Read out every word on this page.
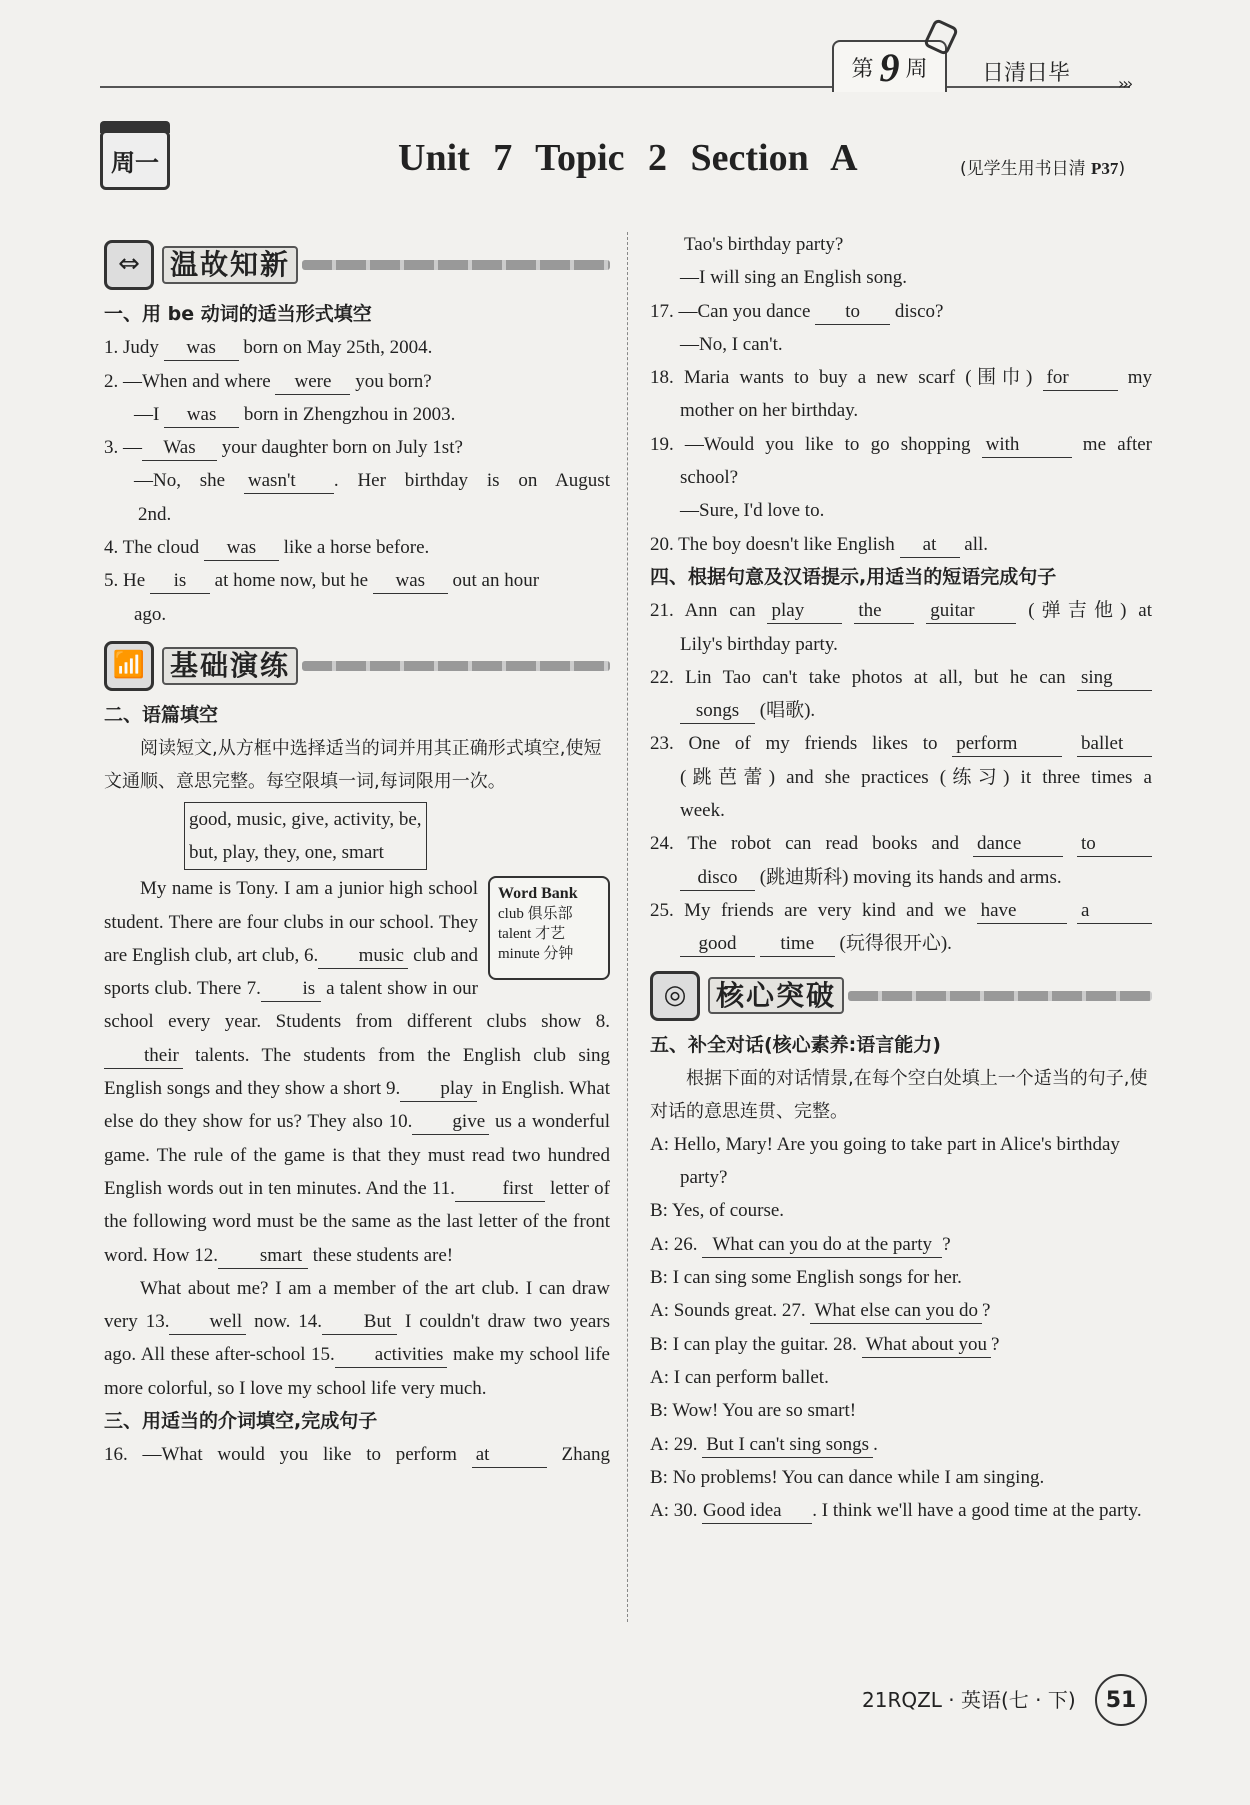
第 9 周 日清日毕	›››
周一	Unit 7 Topic 2 Section A	(见学生用书日清 P37)
⇔	温故知新

一、用 be 动词的适当形式填空

1. Judy was born on May 25th, 2004.

2. —When and where were you born?

—I was born in Zhengzhou in 2003.

3. — Was your daughter born on July 1st?

—No, she wasn't . Her birthday is on August

2nd.

4. The cloud was like a horse before.

5. He is at home now, but he was out an hour

ago.

📶 基础演练

二、语篇填空

阅读短文,从方框中选择适当的词并用其正确形式填空,使短文通顺、意思完整。每空限填一词,每词限用一次。

good, music, give, activity, be,
but, play, they, one, smart
Word Bank
club 俱乐部
talent 才艺
minute 分钟

My name is Tony. I am a junior high school student. There are four clubs in our school. They are English club, art club, 6. music club and sports club. There 7. is a talent show in our school every year. Students from different clubs show 8.their talents. The students from the English club sing English songs and they show a short 9. play in English. What else do they show for us? They also 10. give us a wonderful game. The rule of the game is that they must read two hundred English words out in ten minutes. And the 11.	first letter of the following word must be the same as the last letter of the front word. How 12. smart these students are!

What about me? I am a member of the art club. I can draw very 13. well now. 14. But I couldn't draw two years ago. All these after-school 15. activities make my school life more colorful, so I love my school life very much.

三、用适当的介词填空,完成句子

16. —What would you like to perform at	Zhang

Tao's birthday party?

—I will sing an English song.

17. —Can you dance to disco?

—No, I can't.

18. Maria wants to buy a new scarf (围巾) for	my

mother on her birthday.

19. —Would you like to go shopping with	me after

school?

—Sure, I'd love to.

20. The boy doesn't like English at all.

四、根据句意及汉语提示,用适当的短语完成句子

21. Ann can play	the	guitar (弹吉他) at

Lily's birthday party.

22. Lin Tao can't take photos at all, but he can sing

songs (唱歌).

23. One of my friends likes to perform	ballet

(跳芭蕾) and she practices (练习) it three times a

week.

24. The robot can read books and dance	to

disco (跳迪斯科) moving its hands and arms.

25. My friends are very kind and we have	a

good time (玩得很开心).

◎	核心突破

五、补全对话(核心素养:语言能力)

根据下面的对话情景,在每个空白处填上一个适当的句子,使对话的意思连贯、完整。

A: Hello, Mary! Are you going to take part in Alice's birthday party?

B: Yes, of course.

A: 26. What can you do at the party ?

B: I can sing some English songs for her.

A: Sounds great. 27. What else can you do ?

B: I can play the guitar. 28. What about you ?

A: I can perform ballet.

B: Wow! You are so smart!

A: 29. But I can't sing songs .

B: No problems! You can dance while I am singing.

A: 30. Good idea . I think we'll have a good time at the party.

21RQZL · 英语(七 · 下)	51
